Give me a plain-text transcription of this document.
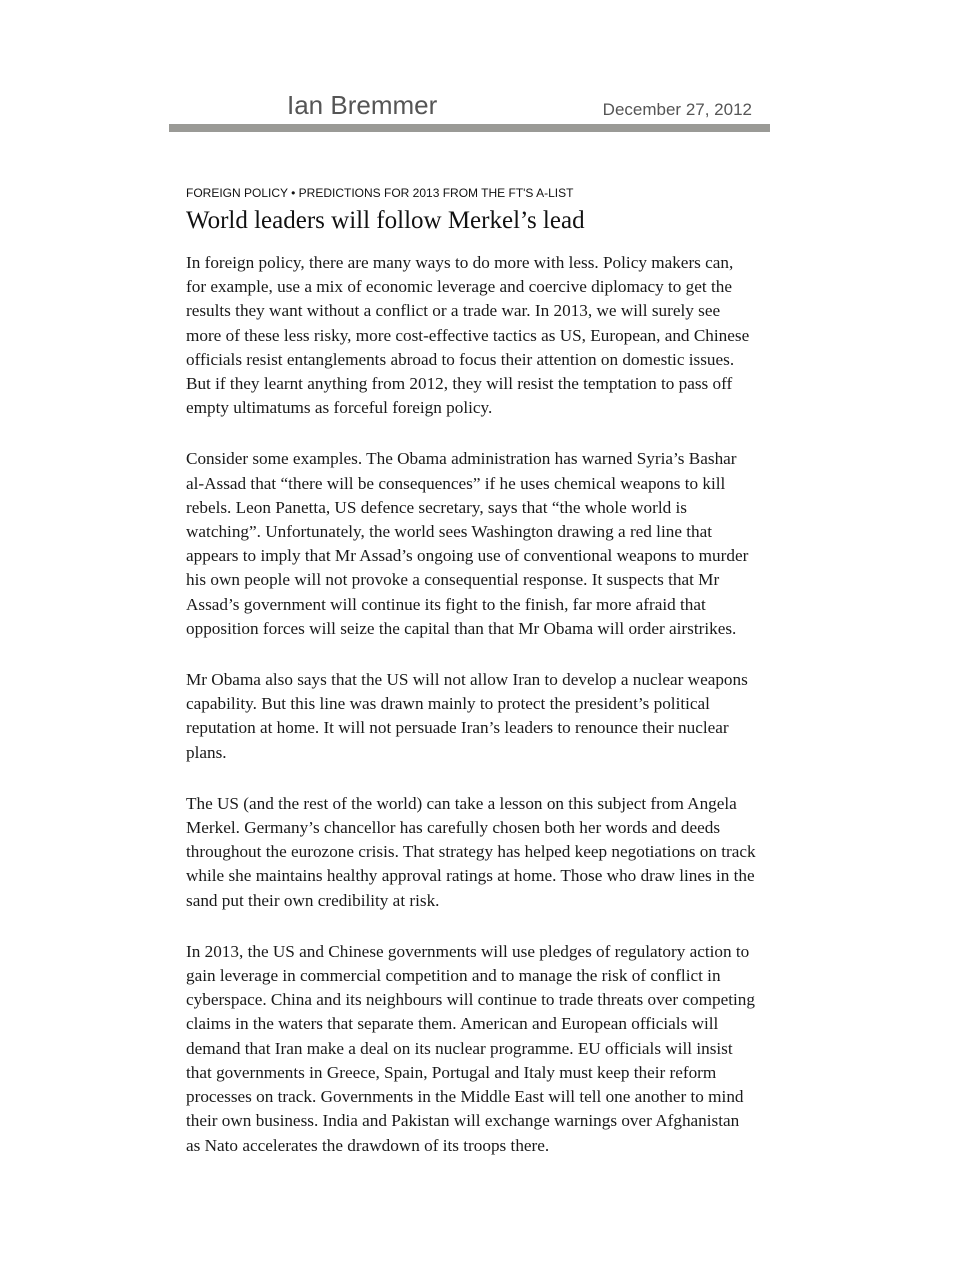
Ian Bremmer	December 27, 2012

FOREIGN POLICY • PREDICTIONS FOR 2013 FROM THE FT'S A-LIST

World leaders will follow Merkel’s lead

In foreign policy, there are many ways to do more with less. Policy makers can, for example, use a mix of economic leverage and coercive diplomacy to get the results they want without a conflict or a trade war. In 2013, we will surely see more of these less risky, more cost-effective tactics as US, European, and Chinese officials resist entanglements abroad to focus their attention on domestic issues. But if they learnt anything from 2012, they will resist the temptation to pass off empty ultimatums as forceful foreign policy.

Consider some examples. The Obama administration has warned Syria’s Bashar al-Assad that “there will be consequences” if he uses chemical weapons to kill rebels. Leon Panetta, US defence secretary, says that “the whole world is watching”. Unfortunately, the world sees Washington drawing a red line that appears to imply that Mr Assad’s ongoing use of conventional weapons to murder his own people will not provoke a consequential response. It suspects that Mr Assad’s government will continue its fight to the finish, far more afraid that opposition forces will seize the capital than that Mr Obama will order airstrikes.

Mr Obama also says that the US will not allow Iran to develop a nuclear weapons capability. But this line was drawn mainly to protect the president’s political reputation at home. It will not persuade Iran’s leaders to renounce their nuclear plans.

The US (and the rest of the world) can take a lesson on this subject from Angela Merkel. Germany’s chancellor has carefully chosen both her words and deeds throughout the eurozone crisis. That strategy has helped keep negotiations on track while she maintains healthy approval ratings at home. Those who draw lines in the sand put their own credibility at risk.

In 2013, the US and Chinese governments will use pledges of regulatory action to gain leverage in commercial competition and to manage the risk of conflict in cyberspace. China and its neighbours will continue to trade threats over competing claims in the waters that separate them. American and European officials will demand that Iran make a deal on its nuclear programme. EU officials will insist that governments in Greece, Spain, Portugal and Italy must keep their reform processes on track. Governments in the Middle East will tell one another to mind their own business. India and Pakistan will exchange warnings over Afghanistan as Nato accelerates the drawdown of its troops there.
